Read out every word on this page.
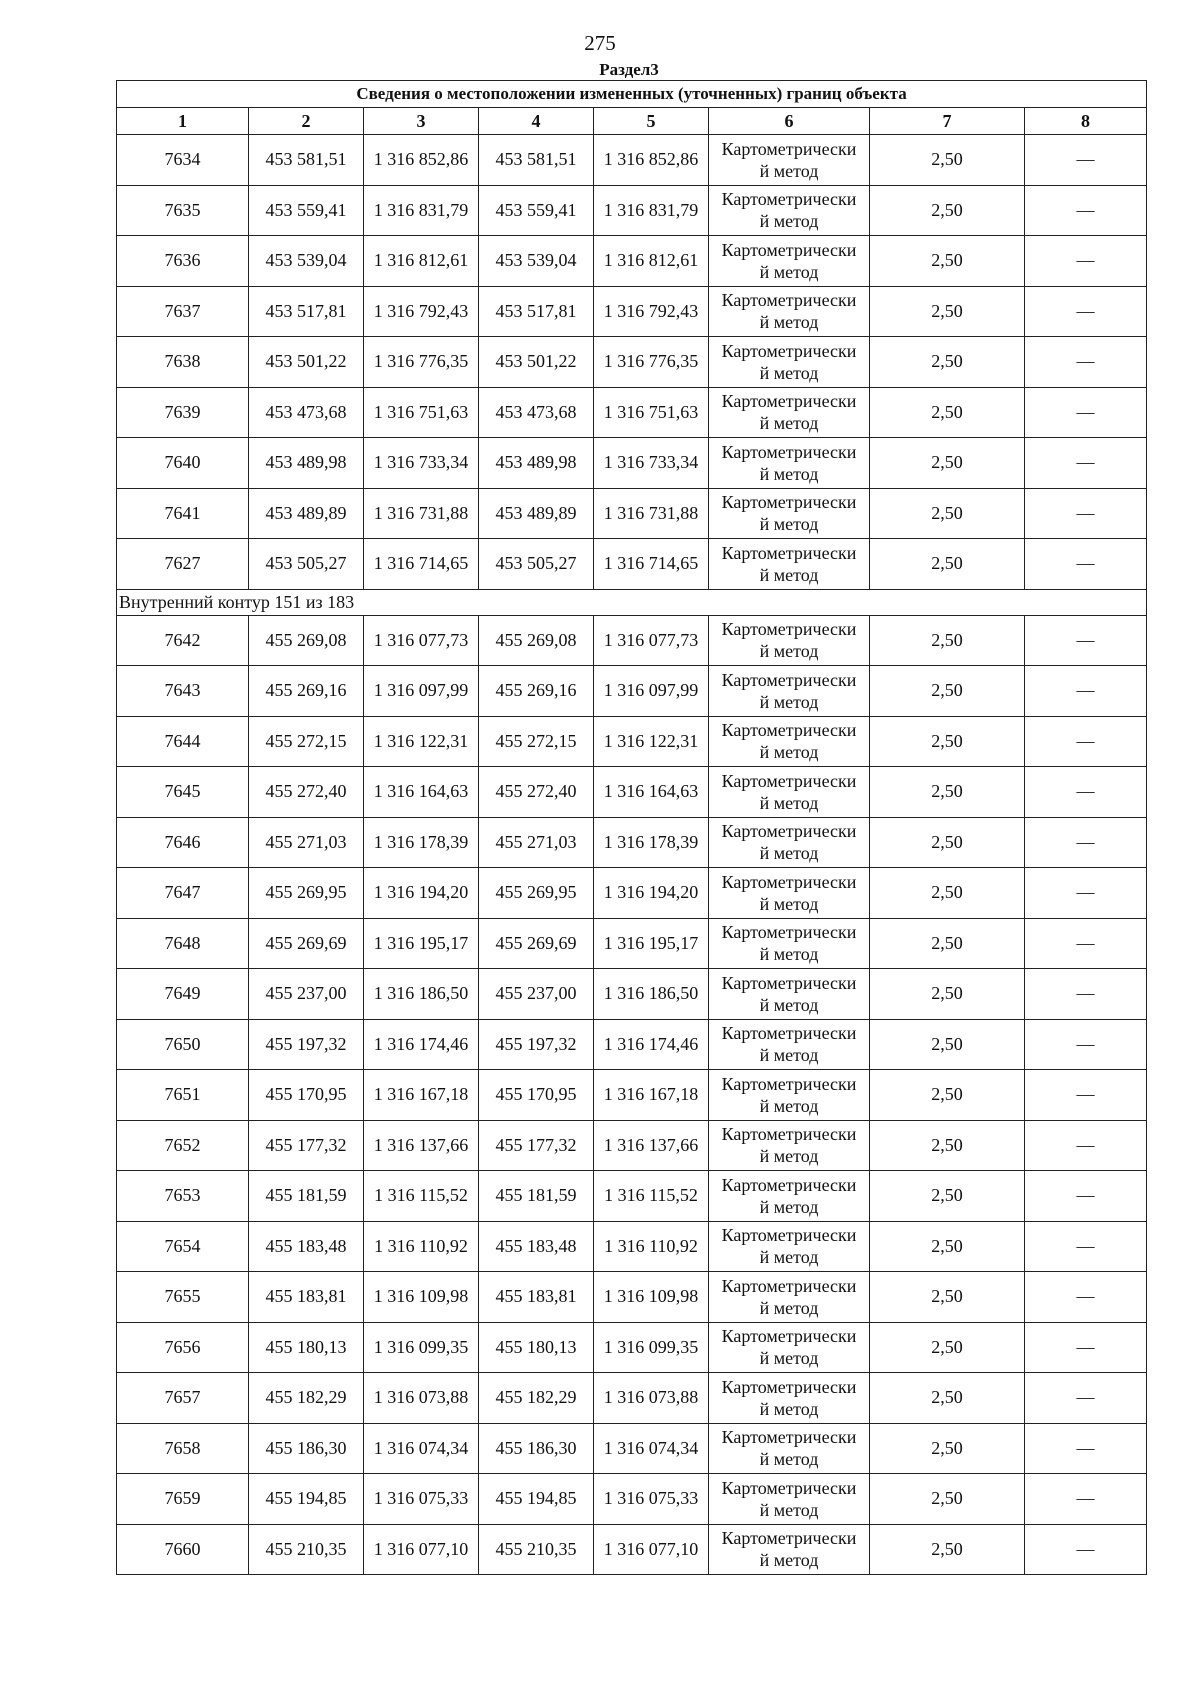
275
Раздел3
Сведения о местоположении измененных (уточненных) границ объекта							
1	2	3	4	5	6	7	8
7634	453 581,51	1 316 852,86	453 581,51	1 316 852,86	Картометрически
й метод	2,50	—
7635	453 559,41	1 316 831,79	453 559,41	1 316 831,79	Картометрически
й метод	2,50	—
7636	453 539,04	1 316 812,61	453 539,04	1 316 812,61	Картометрически
й метод	2,50	—
7637	453 517,81	1 316 792,43	453 517,81	1 316 792,43	Картометрически
й метод	2,50	—
7638	453 501,22	1 316 776,35	453 501,22	1 316 776,35	Картометрически
й метод	2,50	—
7639	453 473,68	1 316 751,63	453 473,68	1 316 751,63	Картометрически
й метод	2,50	—
7640	453 489,98	1 316 733,34	453 489,98	1 316 733,34	Картометрически
й метод	2,50	—
7641	453 489,89	1 316 731,88	453 489,89	1 316 731,88	Картометрически
й метод	2,50	—
7627	453 505,27	1 316 714,65	453 505,27	1 316 714,65	Картометрически
й метод	2,50	—
Внутренний контур 151 из 183							
7642	455 269,08	1 316 077,73	455 269,08	1 316 077,73	Картометрически
й метод	2,50	—
7643	455 269,16	1 316 097,99	455 269,16	1 316 097,99	Картометрически
й метод	2,50	—
7644	455 272,15	1 316 122,31	455 272,15	1 316 122,31	Картометрически
й метод	2,50	—
7645	455 272,40	1 316 164,63	455 272,40	1 316 164,63	Картометрически
й метод	2,50	—
7646	455 271,03	1 316 178,39	455 271,03	1 316 178,39	Картометрически
й метод	2,50	—
7647	455 269,95	1 316 194,20	455 269,95	1 316 194,20	Картометрически
й метод	2,50	—
7648	455 269,69	1 316 195,17	455 269,69	1 316 195,17	Картометрически
й метод	2,50	—
7649	455 237,00	1 316 186,50	455 237,00	1 316 186,50	Картометрически
й метод	2,50	—
7650	455 197,32	1 316 174,46	455 197,32	1 316 174,46	Картометрически
й метод	2,50	—
7651	455 170,95	1 316 167,18	455 170,95	1 316 167,18	Картометрически
й метод	2,50	—
7652	455 177,32	1 316 137,66	455 177,32	1 316 137,66	Картометрически
й метод	2,50	—
7653	455 181,59	1 316 115,52	455 181,59	1 316 115,52	Картометрически
й метод	2,50	—
7654	455 183,48	1 316 110,92	455 183,48	1 316 110,92	Картометрически
й метод	2,50	—
7655	455 183,81	1 316 109,98	455 183,81	1 316 109,98	Картометрически
й метод	2,50	—
7656	455 180,13	1 316 099,35	455 180,13	1 316 099,35	Картометрически
й метод	2,50	—
7657	455 182,29	1 316 073,88	455 182,29	1 316 073,88	Картометрически
й метод	2,50	—
7658	455 186,30	1 316 074,34	455 186,30	1 316 074,34	Картометрически
й метод	2,50	—
7659	455 194,85	1 316 075,33	455 194,85	1 316 075,33	Картометрически
й метод	2,50	—
7660	455 210,35	1 316 077,10	455 210,35	1 316 077,10	Картометрически
й метод	2,50	—
